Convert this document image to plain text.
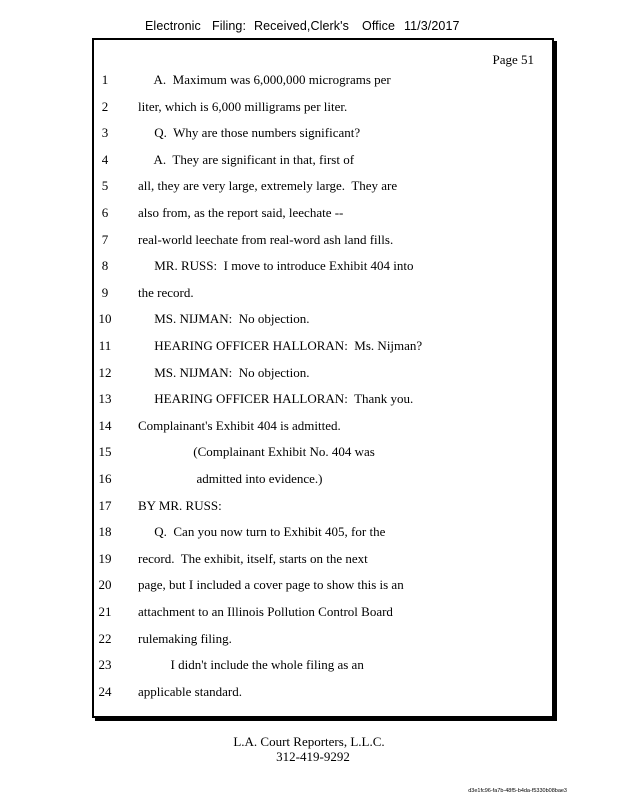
Electronic Filing: Received,Clerk's Office 11/3/2017
Page 51
1	A.  Maximum was 6,000,000 micrograms per
2	liter, which is 6,000 milligrams per liter.
3	Q.  Why are those numbers significant?
4	A.  They are significant in that, first of
5	all, they are very large, extremely large.  They are
6	also from, as the report said, leechate --
7	real-world leechate from real-word ash land fills.
8	MR. RUSS:  I move to introduce Exhibit 404 into
9	the record.
10	MS. NIJMAN:  No objection.
11	HEARING OFFICER HALLORAN:  Ms. Nijman?
12	MS. NIJMAN:  No objection.
13	HEARING OFFICER HALLORAN:  Thank you.
14	Complainant's Exhibit 404 is admitted.
15	(Complainant Exhibit No. 404 was
16	admitted into evidence.)
17	BY MR. RUSS:
18	Q.  Can you now turn to Exhibit 405, for the
19	record.  The exhibit, itself, starts on the next
20	page, but I included a cover page to show this is an
21	attachment to an Illinois Pollution Control Board
22	rulemaking filing.
23	I didn't include the whole filing as an
24	applicable standard.
L.A. Court Reporters, L.L.C.
312-419-9292
d3e1fc96-fa7b-48f5-b4da-f5330b08bae3
